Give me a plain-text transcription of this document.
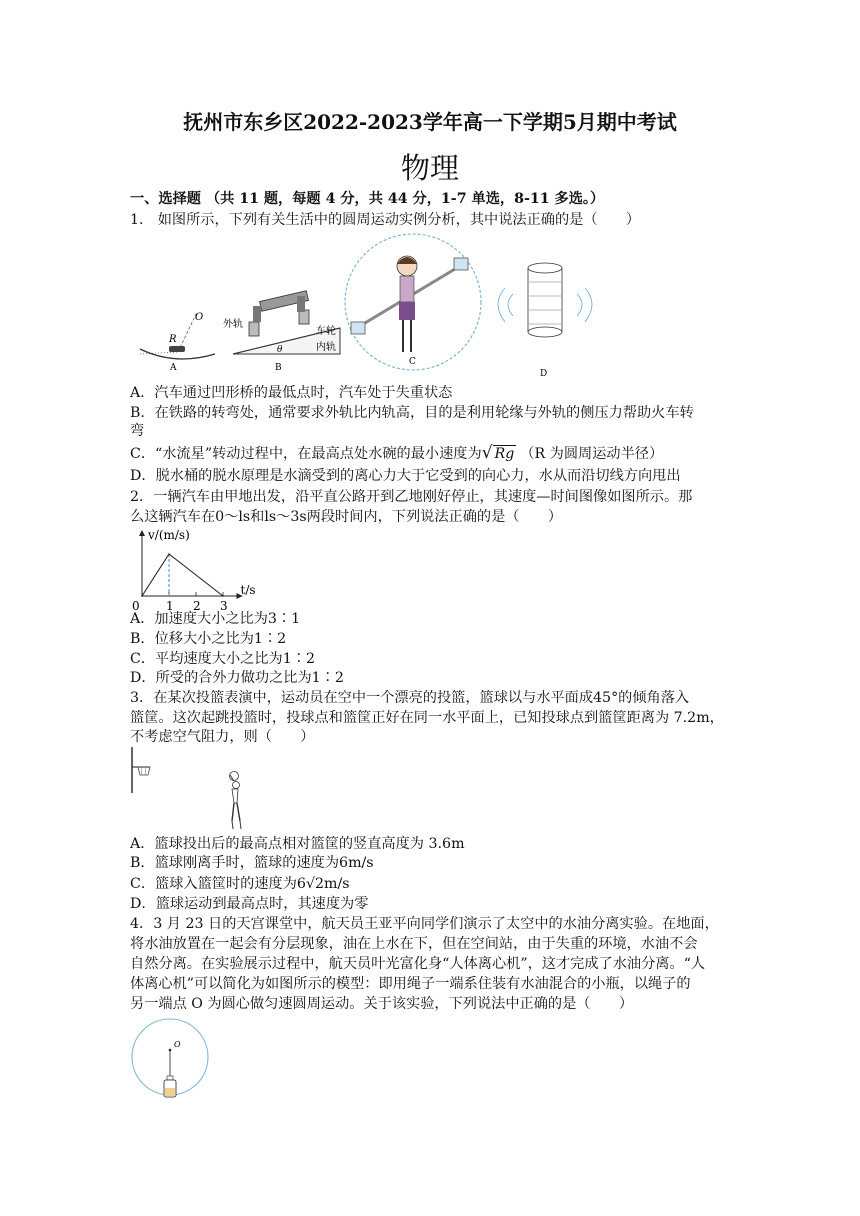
抚州市东乡区2022-2023学年高一下学期5月期中考试
物理
一、选择题 （共 11 题，每题 4 分，共 44 分，1-7 单选，8-11 多选。）
1.　如图所示，下列有关生活中的圆周运动实例分析，其中说法正确的是（　　）
O
R
A
外轨
车轮
内轨
θ
B
C
D
A．汽车通过凹形桥的最低点时，汽车处于失重状态
B．在铁路的转弯处，通常要求外轨比内轨高，目的是利用轮缘与外轨的侧压力帮助火车转
弯
C．“水流星”转动过程中，在最高点处水碗的最小速度为√ Rg （R 为圆周运动半径）
D．脱水桶的脱水原理是水滴受到的离心力大于它受到的向心力，水从而沿切线方向甩出
2．一辆汽车由甲地出发，沿平直公路开到乙地刚好停止，其速度—时间图像如图所示。那
么这辆汽车在0～ls和ls～3s两段时间内，下列说法正确的是（　　）
v/(m/s)
t/s
0 1 2 3
A．加速度大小之比为3∶1
B．位移大小之比为1∶2
C．平均速度大小之比为1∶2
D．所受的合外力做功之比为1∶2
3．在某次投篮表演中，运动员在空中一个漂亮的投篮，篮球以与水平面成45°的倾角落入
篮筐。这次起跳投篮时，投球点和篮筐正好在同一水平面上，已知投球点到篮筐距离为 7.2m，
不考虑空气阻力，则（　　）
A．篮球投出后的最高点相对篮筐的竖直高度为 3.6m
B．篮球刚离手时，篮球的速度为6m/s
C．篮球入篮筐时的速度为6√2m/s
D．篮球运动到最高点时，其速度为零
4．3 月 23 日的天宫课堂中，航天员王亚平向同学们演示了太空中的水油分离实验。在地面，
将水油放置在一起会有分层现象，油在上水在下，但在空间站，由于失重的环境，水油不会
自然分离。在实验展示过程中，航天员叶光富化身“人体离心机”，这才完成了水油分离。“人
体离心机”可以简化为如图所示的模型：即用绳子一端系住装有水油混合的小瓶，以绳子的
另一端点 O 为圆心做匀速圆周运动。关于该实验，下列说法中正确的是（　　）
O
